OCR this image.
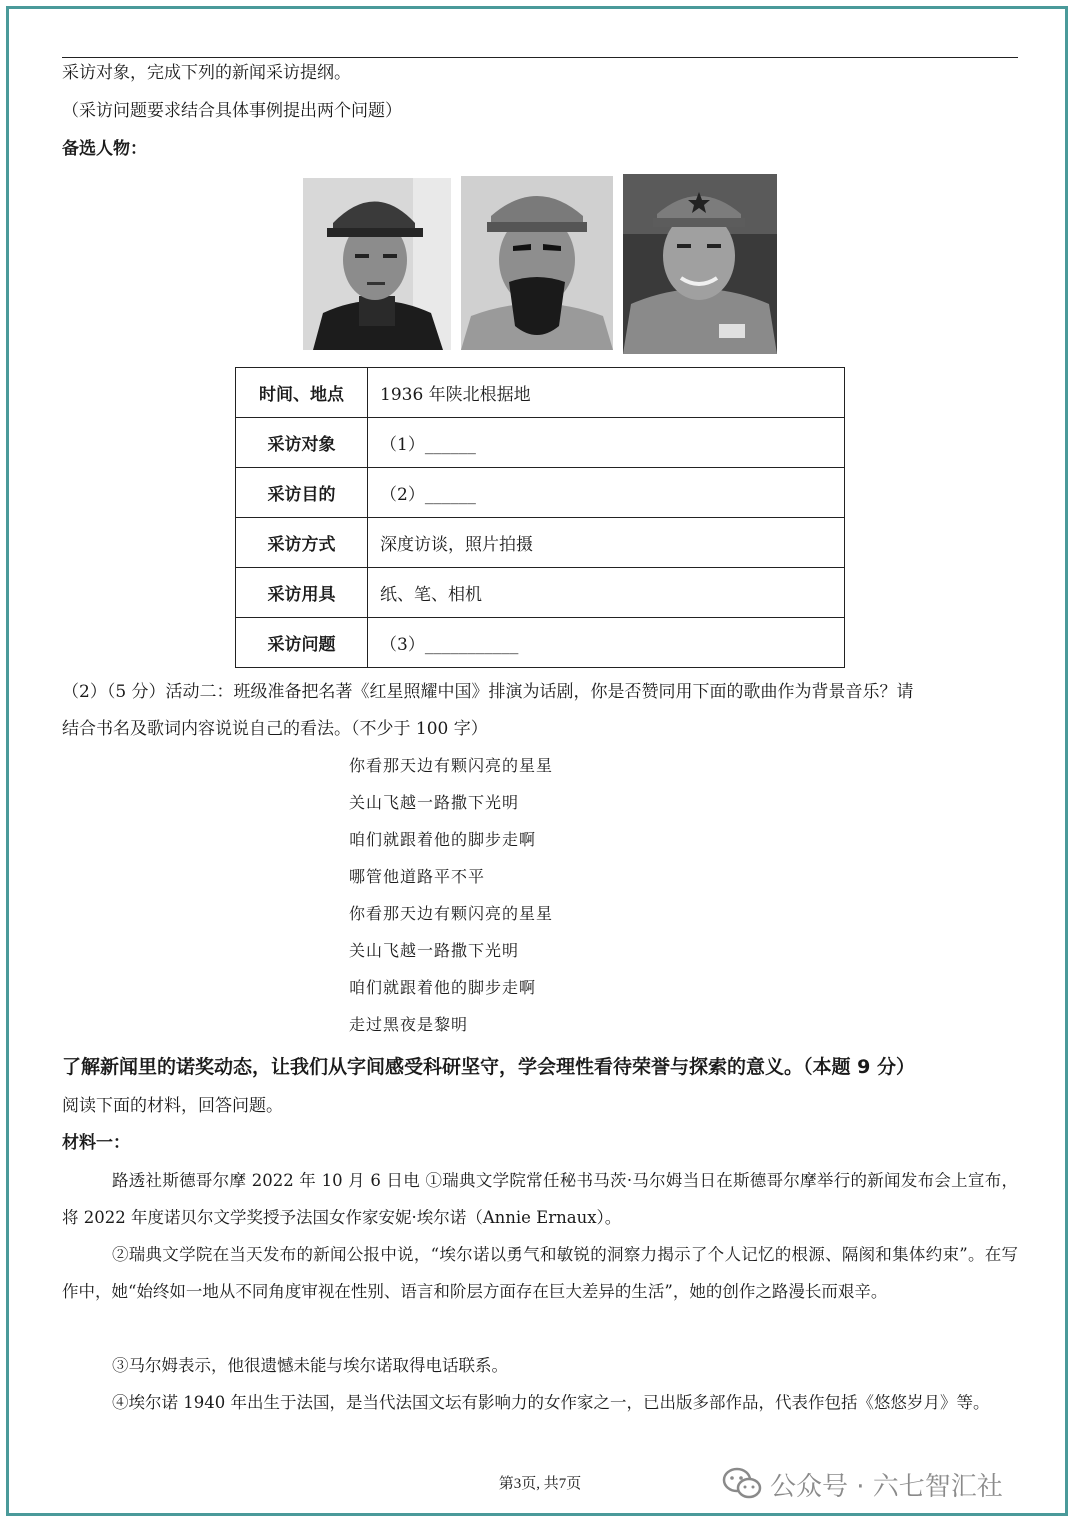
采访对象，完成下列的新闻采访提纲。
（采访问题要求结合具体事例提出两个问题）
备选人物：
时间、地点	1936 年陕北根据地
采访对象	（1）______
采访目的	（2）______
采访方式	深度访谈，照片拍摄
采访用具	纸、笔、相机
采访问题	（3）___________
（2）（5 分）活动二：班级准备把名著《红星照耀中国》排演为话剧，你是否赞同用下面的歌曲作为背景音乐？请
结合书名及歌词内容说说自己的看法。（不少于 100 字）
你看那天边有颗闪亮的星星
关山飞越一路撒下光明
咱们就跟着他的脚步走啊
哪管他道路平不平
你看那天边有颗闪亮的星星
关山飞越一路撒下光明
咱们就跟着他的脚步走啊
走过黑夜是黎明
了解新闻里的诺奖动态，让我们从字间感受科研坚守，学会理性看待荣誉与探索的意义。（本题 9 分）
阅读下面的材料，回答问题。
材料一：
路透社斯德哥尔摩 2022 年 10 月 6 日电 ①瑞典文学院常任秘书马茨·马尔姆当日在斯德哥尔摩举行的新闻发布会上宣布，将 2022 年度诺贝尔文学奖授予法国女作家安妮·埃尔诺（Annie Ernaux）。
②瑞典文学院在当天发布的新闻公报中说，“埃尔诺以勇气和敏锐的洞察力揭示了个人记忆的根源、隔阂和集体约束”。在写作中，她“始终如一地从不同角度审视在性别、语言和阶层方面存在巨大差异的生活”，她的创作之路漫长而艰辛。
③马尔姆表示，他很遗憾未能与埃尔诺取得电话联系。
④埃尔诺 1940 年出生于法国，是当代法国文坛有影响力的女作家之一，已出版多部作品，代表作包括《悠悠岁月》等。
第3页, 共7页	公众号 · 六七智汇社
